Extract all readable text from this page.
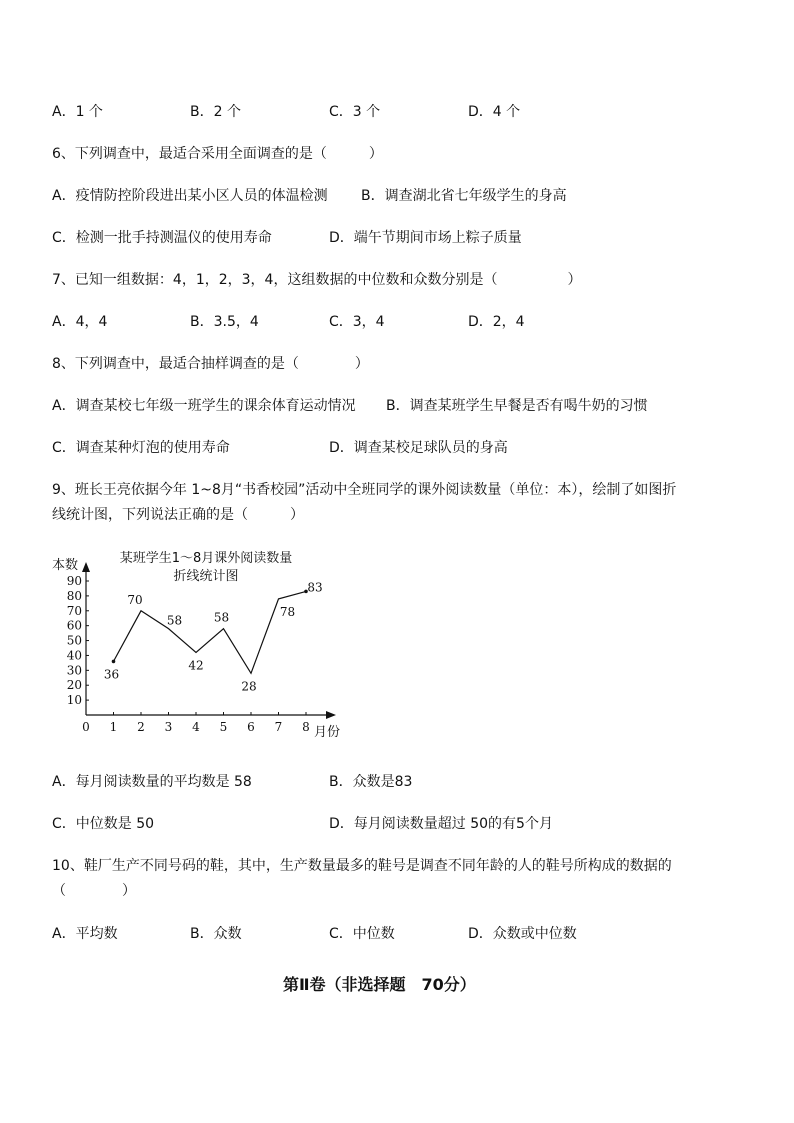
A．1 个	B．2 个	C．3 个	D．4 个
6、下列调查中，最适合采用全面调查的是（　　　）
A．疫情防控阶段进出某小区人员的体温检测 B．调查湖北省七年级学生的身高
C．检测一批手持测温仪的使用寿命	D．端午节期间市场上粽子质量
7、已知一组数据：4，1，2，3，4，这组数据的中位数和众数分别是（　　　　　）
A．4，4	B．3.5，4	C．3，4	D．2，4
8、下列调查中，最适合抽样调查的是（　　　　）
A．调查某校七年级一班学生的课余体育运动情况 B．调查某班学生早餐是否有喝牛奶的习惯
C．调查某种灯泡的使用寿命	D．调查某校足球队员的身高
9、班长王亮依据今年 1~8月“书香校园”活动中全班同学的课外阅读数量（单位：本），绘制了如图折
线统计图，下列说法正确的是（　　　）
某班学生1～8月课外阅读数量
折线统计图
本数
月份
10
20
30
40
50
60
70
80
90
0 1 2 3 4 5 6 7 8
36
70
58
42
58
28
78
83
A．每月阅读数量的平均数是 58	B．众数是83
C．中位数是 50	D．每月阅读数量超过 50的有5个月
10、鞋厂生产不同号码的鞋，其中，生产数量最多的鞋号是调查不同年龄的人的鞋号所构成的数据的
（　　　　）
A．平均数	B．众数	C．中位数	D．众数或中位数
第Ⅱ卷（非选择题　70分）
